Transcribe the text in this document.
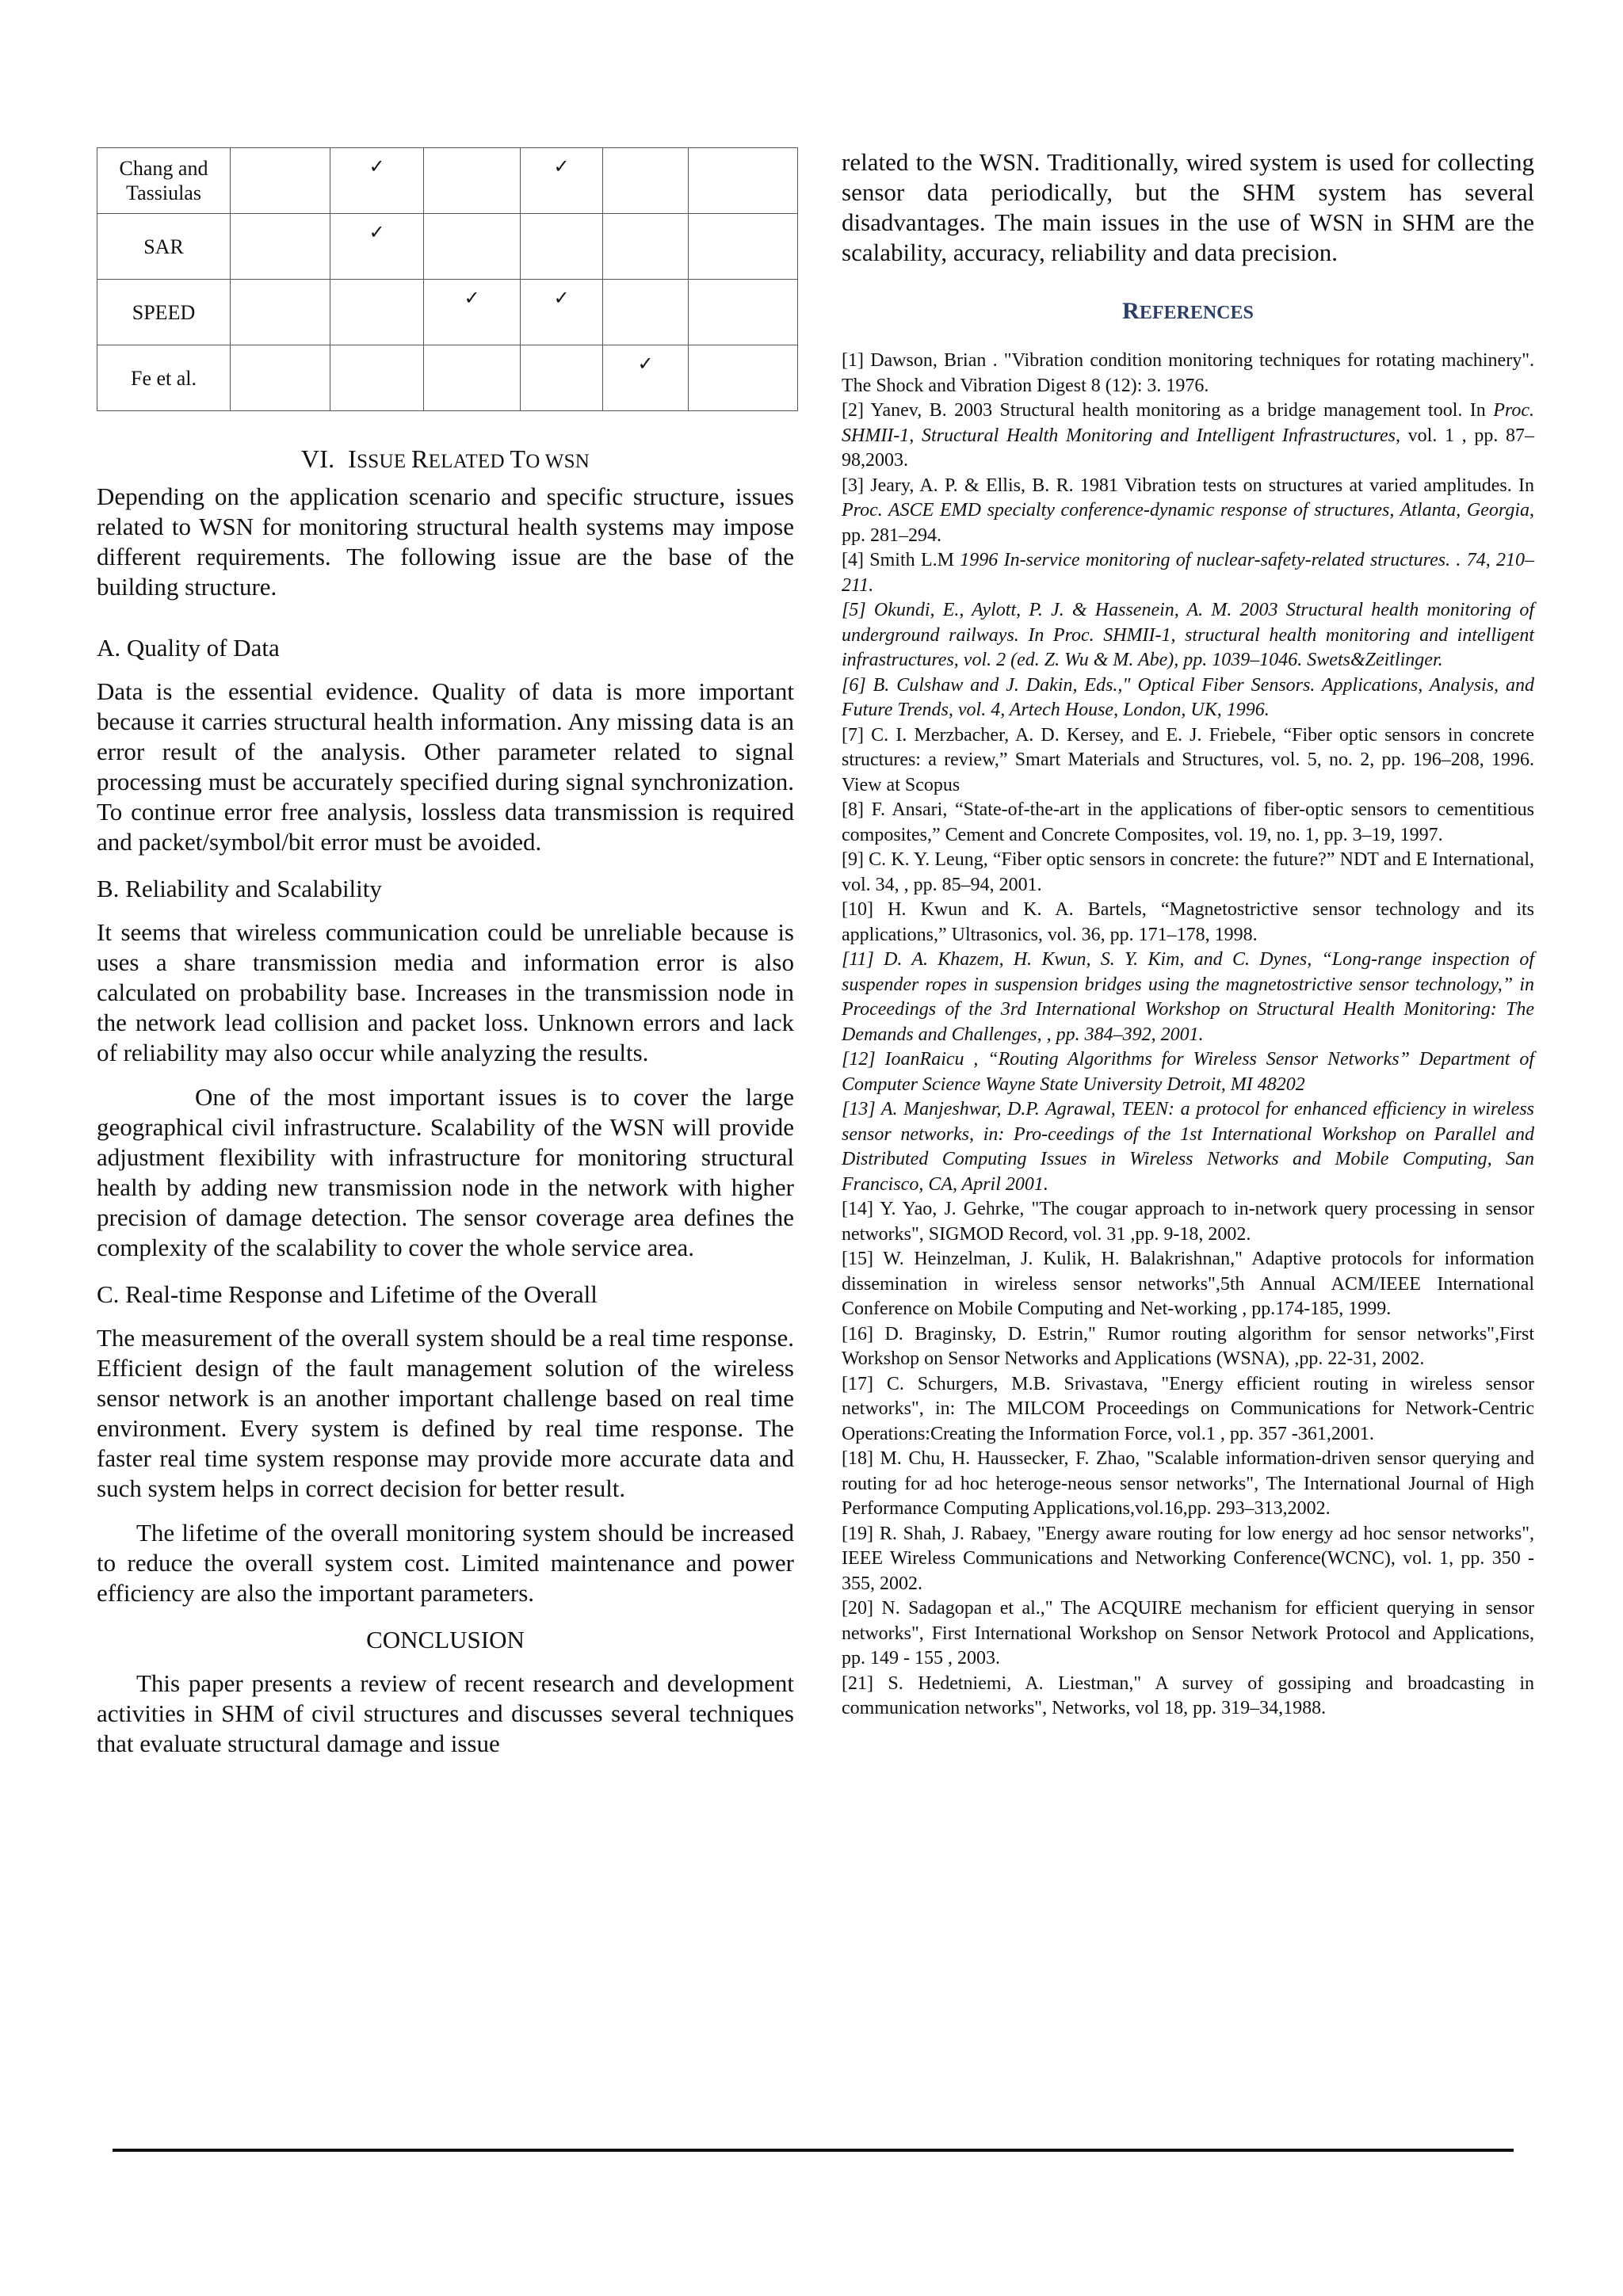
Chang and Tassiulas		✓		✓		
SAR		✓				
SPEED			✓	✓		
Fe et al.					✓	
VI. ISSUE RELATED TO WSN

Depending on the application scenario and specific structure, issues related to WSN for monitoring structural health systems may impose different requirements. The following issue are the base of the building structure.

A. Quality of Data

Data is the essential evidence. Quality of data is more important because it carries structural health information. Any missing data is an error result of the analysis. Other parameter related to signal processing must be accurately specified during signal synchronization. To continue error free analysis, lossless data transmission is required and packet/symbol/bit error must be avoided.

B. Reliability and Scalability

It seems that wireless communication could be unreliable because is uses a share transmission media and information error is also calculated on probability base. Increases in the transmission node in the network lead collision and packet loss. Unknown errors and lack of reliability may also occur while analyzing the results.

One of the most important issues is to cover the large geographical civil infrastructure. Scalability of the WSN will provide adjustment flexibility with infrastructure for monitoring structural health by adding new transmission node in the network with higher precision of damage detection. The sensor coverage area defines the complexity of the scalability to cover the whole service area.

C. Real-time Response and Lifetime of the Overall

The measurement of the overall system should be a real time response. Efficient design of the fault management solution of the wireless sensor network is an another important challenge based on real time environment. Every system is defined by real time response. The faster real time system response may provide more accurate data and such system helps in correct decision for better result.

The lifetime of the overall monitoring system should be increased to reduce the overall system cost. Limited maintenance and power efficiency are also the important parameters.

CONCLUSION

This paper presents a review of recent research and development activities in SHM of civil structures and discusses several techniques that evaluate structural damage and issue

related to the WSN. Traditionally, wired system is used for collecting sensor data periodically, but the SHM system has several disadvantages. The main issues in the use of WSN in SHM are the scalability, accuracy, reliability and data precision.

REFERENCES

[1] Dawson, Brian . "Vibration condition monitoring techniques for rotating machinery". The Shock and Vibration Digest 8 (12): 3. 1976.

[2] Yanev, B. 2003 Structural health monitoring as a bridge management tool. In Proc. SHMII-1, Structural Health Monitoring and Intelligent Infrastructures, vol. 1 , pp. 87–98,2003.

[3] Jeary, A. P. & Ellis, B. R. 1981 Vibration tests on structures at varied amplitudes. In Proc. ASCE EMD specialty conference-dynamic response of structures, Atlanta, Georgia, pp. 281–294.

[4] Smith L.M 1996 In-service monitoring of nuclear-safety-related structures. . 74, 210–211.

[5] Okundi, E., Aylott, P. J. & Hassenein, A. M. 2003 Structural health monitoring of underground railways. In Proc. SHMII-1, structural health monitoring and intelligent infrastructures, vol. 2 (ed. Z. Wu & M. Abe), pp. 1039–1046. Swets&Zeitlinger.

[6] B. Culshaw and J. Dakin, Eds.," Optical Fiber Sensors. Applications, Analysis, and Future Trends, vol. 4, Artech House, London, UK, 1996.

[7] C. I. Merzbacher, A. D. Kersey, and E. J. Friebele, “Fiber optic sensors in concrete structures: a review,” Smart Materials and Structures, vol. 5, no. 2, pp. 196–208, 1996. View at Scopus

[8] F. Ansari, “State-of-the-art in the applications of fiber-optic sensors to cementitious composites,” Cement and Concrete Composites, vol. 19, no. 1, pp. 3–19, 1997.

[9] C. K. Y. Leung, “Fiber optic sensors in concrete: the future?” NDT and E International, vol. 34, , pp. 85–94, 2001.

[10] H. Kwun and K. A. Bartels, “Magnetostrictive sensor technology and its applications,” Ultrasonics, vol. 36, pp. 171–178, 1998.

[11] D. A. Khazem, H. Kwun, S. Y. Kim, and C. Dynes, “Long-range inspection of suspender ropes in suspension bridges using the magnetostrictive sensor technology,” in Proceedings of the 3rd International Workshop on Structural Health Monitoring: The Demands and Challenges, , pp. 384–392, 2001.

[12] IoanRaicu , “Routing Algorithms for Wireless Sensor Networks” Department of Computer Science Wayne State University Detroit, MI 48202

[13] A. Manjeshwar, D.P. Agrawal, TEEN: a protocol for enhanced efficiency in wireless sensor networks, in: Pro-ceedings of the 1st International Workshop on Parallel and Distributed Computing Issues in Wireless Networks and Mobile Computing, San Francisco, CA, April 2001.

[14] Y. Yao, J. Gehrke, "The cougar approach to in-network query processing in sensor networks", SIGMOD Record, vol. 31 ,pp. 9-18, 2002.

[15] W. Heinzelman, J. Kulik, H. Balakrishnan," Adaptive protocols for information dissemination in wireless sensor networks",5th Annual ACM/IEEE International Conference on Mobile Computing and Net-working , pp.174-185, 1999.

[16] D. Braginsky, D. Estrin," Rumor routing algorithm for sensor networks",First Workshop on Sensor Networks and Applications (WSNA), ,pp. 22-31, 2002.

[17] C. Schurgers, M.B. Srivastava, "Energy efficient routing in wireless sensor networks", in: The MILCOM Proceedings on Communications for Network-Centric Operations:Creating the Information Force, vol.1 , pp. 357 -361,2001.

[18] M. Chu, H. Haussecker, F. Zhao, "Scalable information-driven sensor querying and routing for ad hoc heteroge-neous sensor networks", The International Journal of High Performance Computing Applications,vol.16,pp. 293–313,2002.

[19] R. Shah, J. Rabaey, "Energy aware routing for low energy ad hoc sensor networks", IEEE Wireless Communications and Networking Conference(WCNC), vol. 1, pp. 350 - 355, 2002.

[20] N. Sadagopan et al.," The ACQUIRE mechanism for efficient querying in sensor networks", First International Workshop on Sensor Network Protocol and Applications, pp. 149 - 155 , 2003.

[21] S. Hedetniemi, A. Liestman," A survey of gossiping and broadcasting in communication networks", Networks, vol 18, pp. 319–34,1988.
